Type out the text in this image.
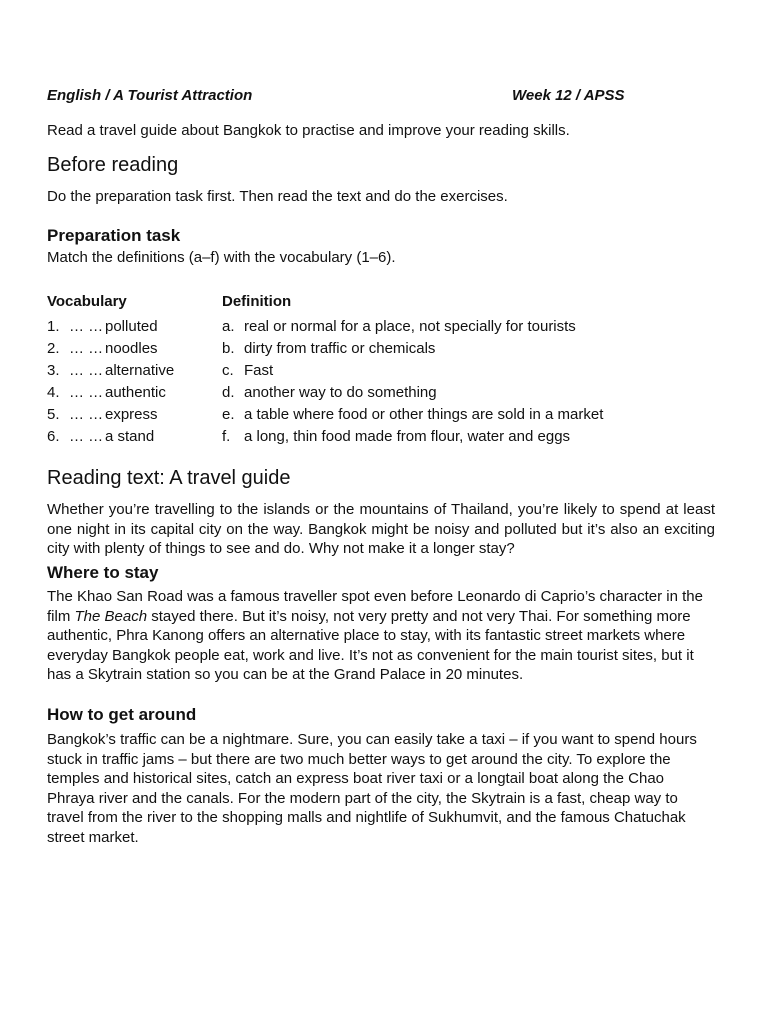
English / A Tourist Attraction	Week 12 / APSS
Read a travel guide about Bangkok to practise and improve your reading skills.
Before reading
Do the preparation task first. Then read the text and do the exercises.
Preparation task
Match the definitions (a–f) with the vocabulary (1–6).
Vocabulary	Definition
1. … … polluted
2. … … noodles
3. … … alternative
4. … … authentic
5. … … express
6. … … a stand
a. real or normal for a place, not specially for tourists
b. dirty from traffic or chemicals
c. Fast
d. another way to do something
e. a table where food or other things are sold in a market
f. a long, thin food made from flour, water and eggs
Reading text: A travel guide
Whether you’re travelling to the islands or the mountains of Thailand, you’re likely to spend at least one night in its capital city on the way. Bangkok might be noisy and polluted but it’s also an exciting city with plenty of things to see and do. Why not make it a longer stay?
Where to stay
The Khao San Road was a famous traveller spot even before Leonardo di Caprio’s character in the film The Beach stayed there. But it’s noisy, not very pretty and not very Thai. For something more authentic, Phra Kanong offers an alternative place to stay, with its fantastic street markets where everyday Bangkok people eat, work and live. It’s not as convenient for the main tourist sites, but it has a Skytrain station so you can be at the Grand Palace in 20 minutes.
How to get around
Bangkok’s traffic can be a nightmare. Sure, you can easily take a taxi – if you want to spend hours stuck in traffic jams – but there are two much better ways to get around the city. To explore the temples and historical sites, catch an express boat river taxi or a longtail boat along the Chao Phraya river and the canals. For the modern part of the city, the Skytrain is a fast, cheap way to travel from the river to the shopping malls and nightlife of Sukhumvit, and the famous Chatuchak street market.
